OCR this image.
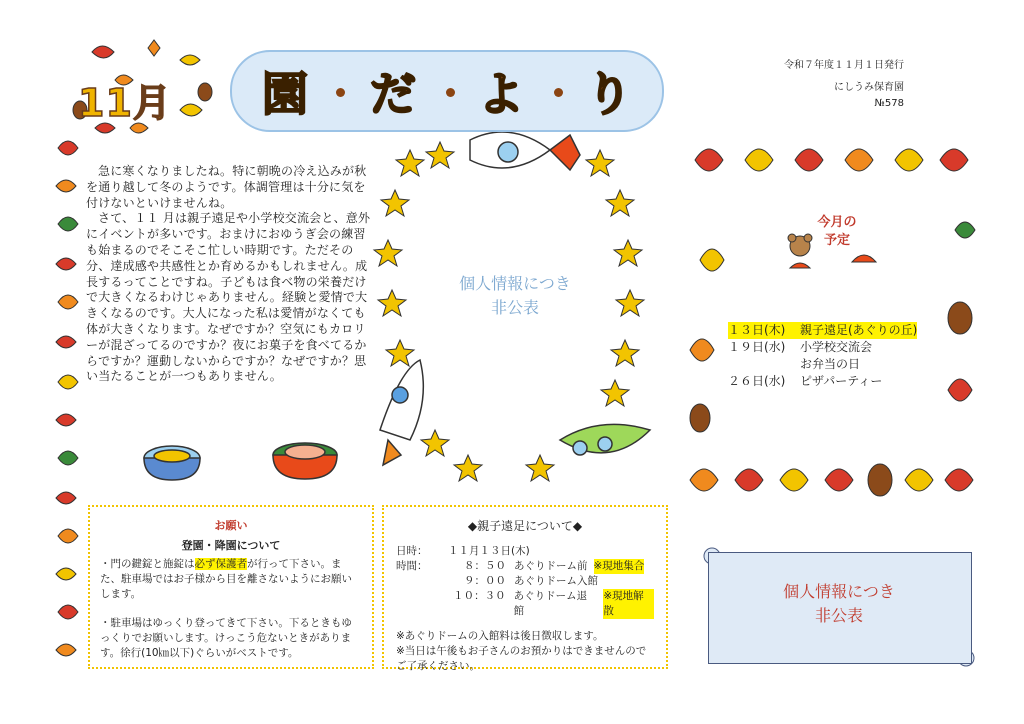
11月 園 だ よ り
令和７年度１１月１日発行
にしうみ保育園
№578

急に寒くなりましたね。特に朝晩の冷え込みが秋を通り越して冬のようです。体調管理は十分に気を付けないといけませんね。

さて、１１ 月は親子遠足や小学校交流会と、意外にイベントが多いです。おまけにおゆうぎ会の練習も始まるのでそこそこ忙しい時期です。ただその分、達成感や共感性とか育めるかもしれません。成長するってことですね。子どもは食べ物の栄養だけで大きくなるわけじゃありません。経験と愛情で大きくなるのです。大人になった私は愛情がなくても体が大きくなります。なぜですか？空気にもカロリーが混ざってるのですか？夜にお菓子を食べてるからですか？運動しないからですか？なぜですか？思い当たることが一つもありません。

個人情報につき
非公表
今月の
予定
１３日(木)	親子遠足(あぐりの丘)
１９日(水)	小学校交流会
お弁当の日
２６日(水)	ピザパーティー
お願い
登園・降園について
・門の鍵錠と施錠は必ず保護者が行って下さい。また、駐車場ではお子様から目を離さないようにお願いします。
・駐車場はゆっくり登ってきて下さい。下るときもゆっくりでお願いします。けっこう危ないときがあります。徐行(10㎞以下)ぐらいがベストです。
◆親子遠足について◆
日時：	１１月１３日(木)
時間：	８：５０ あぐりドーム前 ※現地集合
９：００ あぐりドーム入館
１０：３０ あぐりドーム退館
※現地解散
※あぐりドームの入館料は後日徴収します。
※当日は午後もお子さんのお預かりはできませんのでご了承ください。
個人情報につき
非公表
